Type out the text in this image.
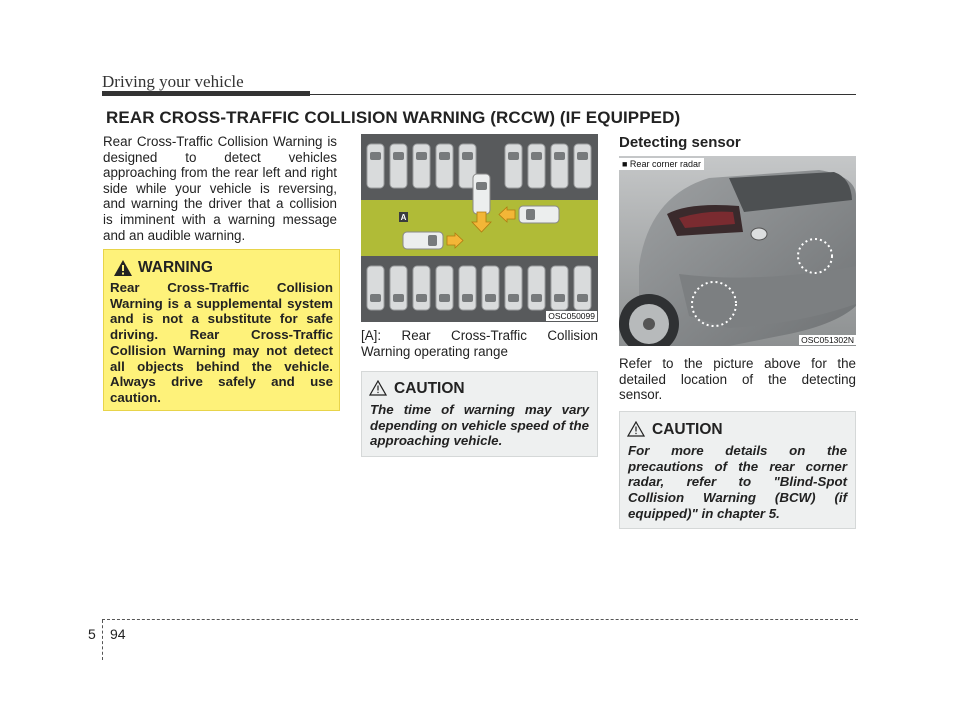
Driving your vehicle
REAR CROSS-TRAFFIC COLLISION WARNING (RCCW) (IF EQUIPPED)
Rear Cross-Traffic Collision Warning is designed to detect vehicles approaching from the rear left and right side while your vehicle is reversing, and warning the driver that a collision is imminent with a warning message and an audible warning.
WARNING
Rear Cross-Traffic Collision Warning is a supplemental system and is not a substitute for safe driving. Rear Cross-Traffic Collision Warning may not detect all objects behind the vehicle. Always drive safely and use caution.
A
OSC050099
[A]: Rear Cross-Traffic Collision Warning operating range
CAUTION
The time of warning may vary depending on vehicle speed of the approaching vehicle.
Detecting sensor
■ Rear corner radar
OSC051302N
Refer to the picture above for the detailed location of the detecting sensor.
CAUTION
For more details on the precautions of the rear corner radar, refer to "Blind-Spot Collision Warning (BCW) (if equipped)" in chapter 5.
5 94
